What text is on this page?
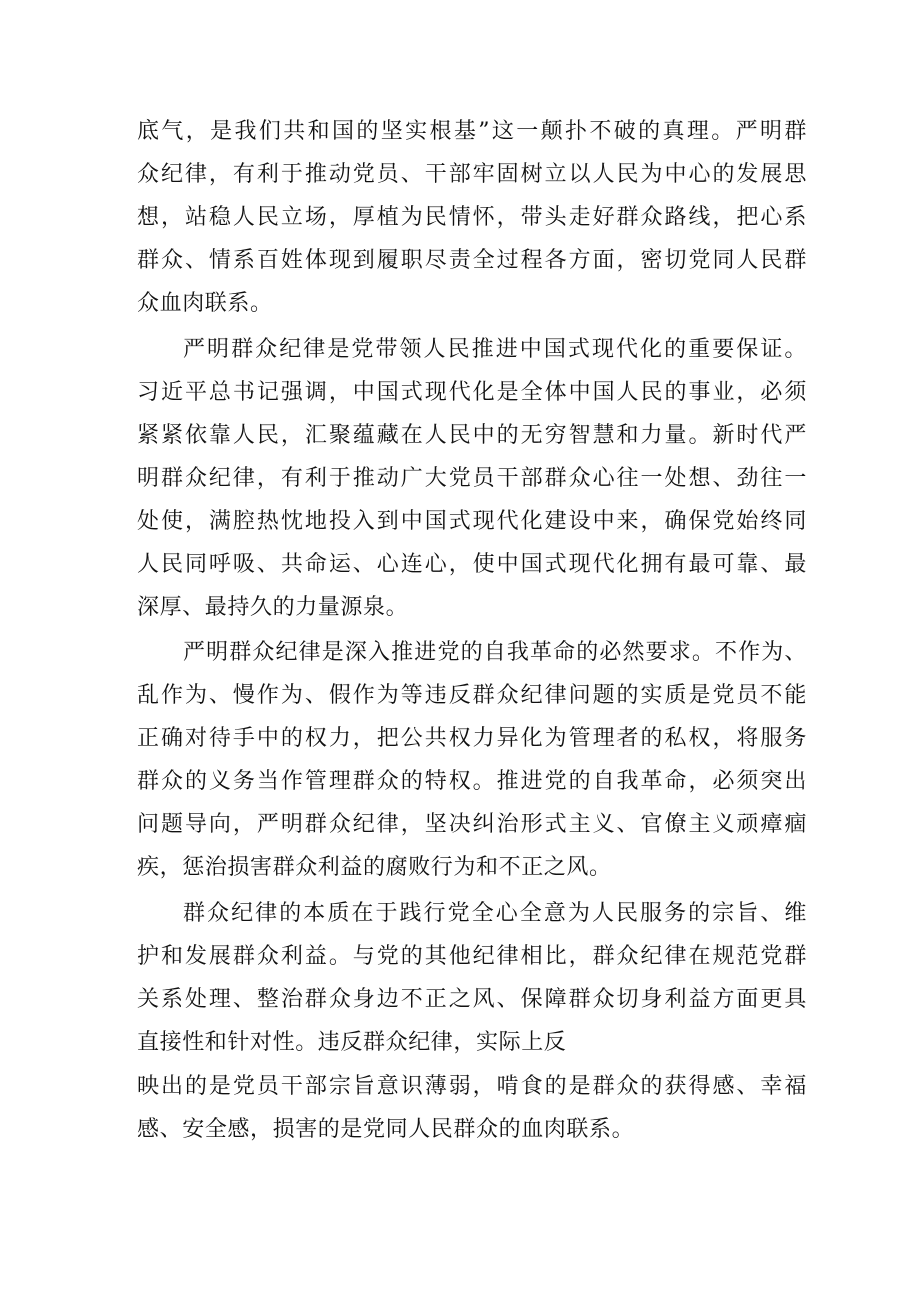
底气，是我们共和国的坚实根基”这一颠扑不破的真理。严明群
众纪律，有利于推动党员、干部牢固树立以人民为中心的发展思
想，站稳人民立场，厚植为民情怀，带头走好群众路线，把心系
群众、情系百姓体现到履职尽责全过程各方面，密切党同人民群
众血肉联系。
严明群众纪律是党带领人民推进中国式现代化的重要保证。
习近平总书记强调，中国式现代化是全体中国人民的事业，必须
紧紧依靠人民，汇聚蕴藏在人民中的无穷智慧和力量。新时代严
明群众纪律，有利于推动广大党员干部群众心往一处想、劲往一
处使，满腔热忱地投入到中国式现代化建设中来，确保党始终同
人民同呼吸、共命运、心连心，使中国式现代化拥有最可靠、最
深厚、最持久的力量源泉。
严明群众纪律是深入推进党的自我革命的必然要求。不作为、
乱作为、慢作为、假作为等违反群众纪律问题的实质是党员不能
正确对待手中的权力，把公共权力异化为管理者的私权，将服务
群众的义务当作管理群众的特权。推进党的自我革命，必须突出
问题导向，严明群众纪律，坚决纠治形式主义、官僚主义顽瘴痼
疾，惩治损害群众利益的腐败行为和不正之风。
群众纪律的本质在于践行党全心全意为人民服务的宗旨、维
护和发展群众利益。与党的其他纪律相比，群众纪律在规范党群
关系处理、整治群众身边不正之风、保障群众切身利益方面更具
直接性和针对性。违反群众纪律，实际上反
映出的是党员干部宗旨意识薄弱，啃食的是群众的获得感、幸福
感、安全感，损害的是党同人民群众的血肉联系。
